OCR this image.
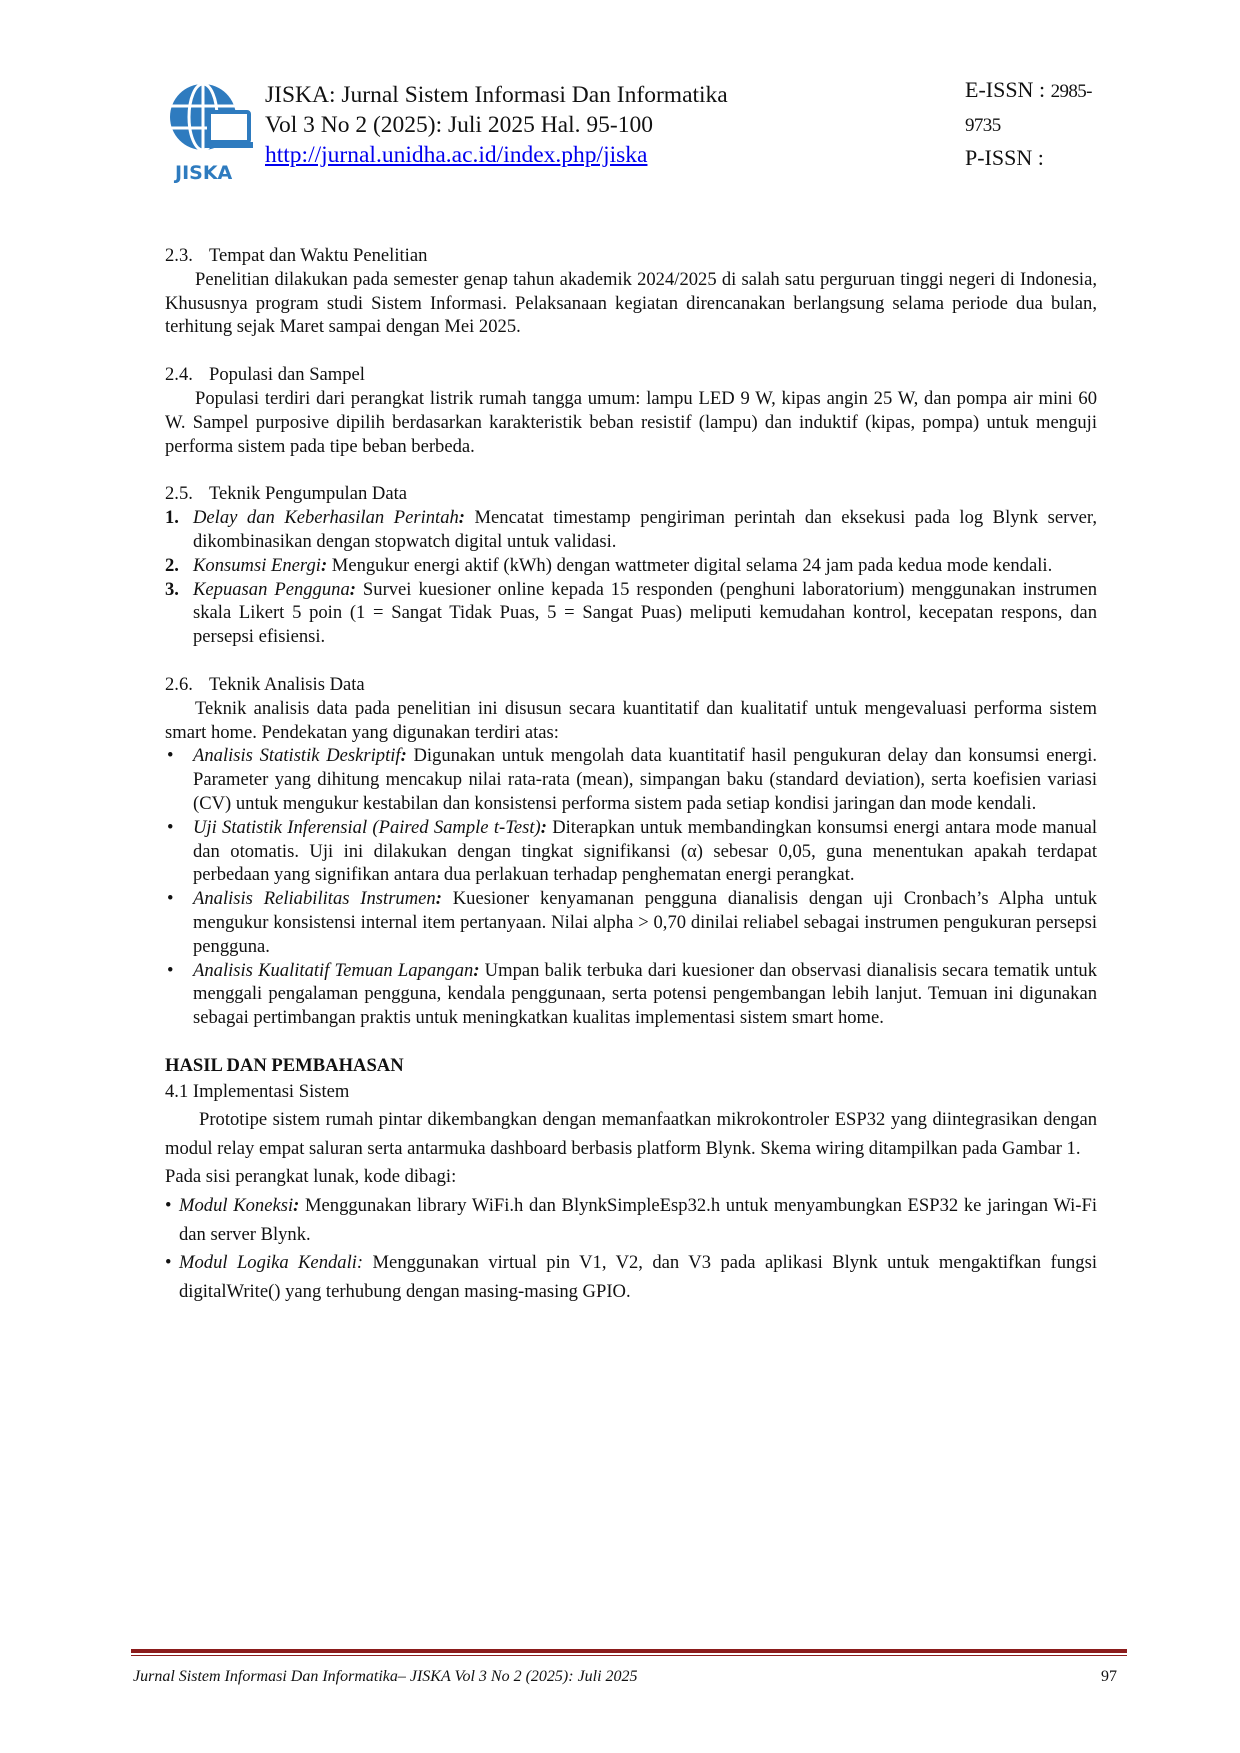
JISKA
JISKA: Jurnal Sistem Informasi Dan Informatika
Vol 3 No 2 (2025): Juli 2025 Hal. 95-100
http://jurnal.unidha.ac.id/index.php/jiska
E-ISSN : 2985-9735
P-ISSN :
2.3. Tempat dan Waktu Penelitian

Penelitian dilakukan pada semester genap tahun akademik 2024/2025 di salah satu perguruan tinggi negeri di Indonesia, Khususnya program studi Sistem Informasi. Pelaksanaan kegiatan direncanakan berlangsung selama periode dua bulan, terhitung sejak Maret sampai dengan Mei 2025.

2.4. Populasi dan Sampel

Populasi terdiri dari perangkat listrik rumah tangga umum: lampu LED 9 W, kipas angin 25 W, dan pompa air mini 60 W. Sampel purposive dipilih berdasarkan karakteristik beban resistif (lampu) dan induktif (kipas, pompa) untuk menguji performa sistem pada tipe beban berbeda.

2.5. Teknik Pengumpulan Data
1. Delay dan Keberhasilan Perintah: Mencatat timestamp pengiriman perintah dan eksekusi pada log Blynk server, dikombinasikan dengan stopwatch digital untuk validasi.
2. Konsumsi Energi: Mengukur energi aktif (kWh) dengan wattmeter digital selama 24 jam pada kedua mode kendali.
3. Kepuasan Pengguna: Survei kuesioner online kepada 15 responden (penghuni laboratorium) menggunakan instrumen skala Likert 5 poin (1 = Sangat Tidak Puas, 5 = Sangat Puas) meliputi kemudahan kontrol, kecepatan respons, dan persepsi efisiensi.
2.6. Teknik Analisis Data

Teknik analisis data pada penelitian ini disusun secara kuantitatif dan kualitatif untuk mengevaluasi performa sistem smart home. Pendekatan yang digunakan terdiri atas:

• Analisis Statistik Deskriptif: Digunakan untuk mengolah data kuantitatif hasil pengukuran delay dan konsumsi energi. Parameter yang dihitung mencakup nilai rata-rata (mean), simpangan baku (standard deviation), serta koefisien variasi (CV) untuk mengukur kestabilan dan konsistensi performa sistem pada setiap kondisi jaringan dan mode kendali.
• Uji Statistik Inferensial (Paired Sample t-Test): Diterapkan untuk membandingkan konsumsi energi antara mode manual dan otomatis. Uji ini dilakukan dengan tingkat signifikansi (α) sebesar 0,05, guna menentukan apakah terdapat perbedaan yang signifikan antara dua perlakuan terhadap penghematan energi perangkat.
• Analisis Reliabilitas Instrumen: Kuesioner kenyamanan pengguna dianalisis dengan uji Cronbach’s Alpha untuk mengukur konsistensi internal item pertanyaan. Nilai alpha > 0,70 dinilai reliabel sebagai instrumen pengukuran persepsi pengguna.
• Analisis Kualitatif Temuan Lapangan: Umpan balik terbuka dari kuesioner dan observasi dianalisis secara tematik untuk menggali pengalaman pengguna, kendala penggunaan, serta potensi pengembangan lebih lanjut. Temuan ini digunakan sebagai pertimbangan praktis untuk meningkatkan kualitas implementasi sistem smart home.
HASIL DAN PEMBAHASAN
4.1 Implementasi Sistem

Prototipe sistem rumah pintar dikembangkan dengan memanfaatkan mikrokontroler ESP32 yang diintegrasikan dengan modul relay empat saluran serta antarmuka dashboard berbasis platform Blynk. Skema wiring ditampilkan pada Gambar 1.

Pada sisi perangkat lunak, kode dibagi:
• Modul Koneksi: Menggunakan library WiFi.h dan BlynkSimpleEsp32.h untuk menyambungkan ESP32 ke jaringan Wi-Fi dan server Blynk.
• Modul Logika Kendali: Menggunakan virtual pin V1, V2, dan V3 pada aplikasi Blynk untuk mengaktifkan fungsi digitalWrite() yang terhubung dengan masing-masing GPIO.
Jurnal Sistem Informasi Dan Informatika– JISKA Vol 3 No 2 (2025): Juli 2025	97
